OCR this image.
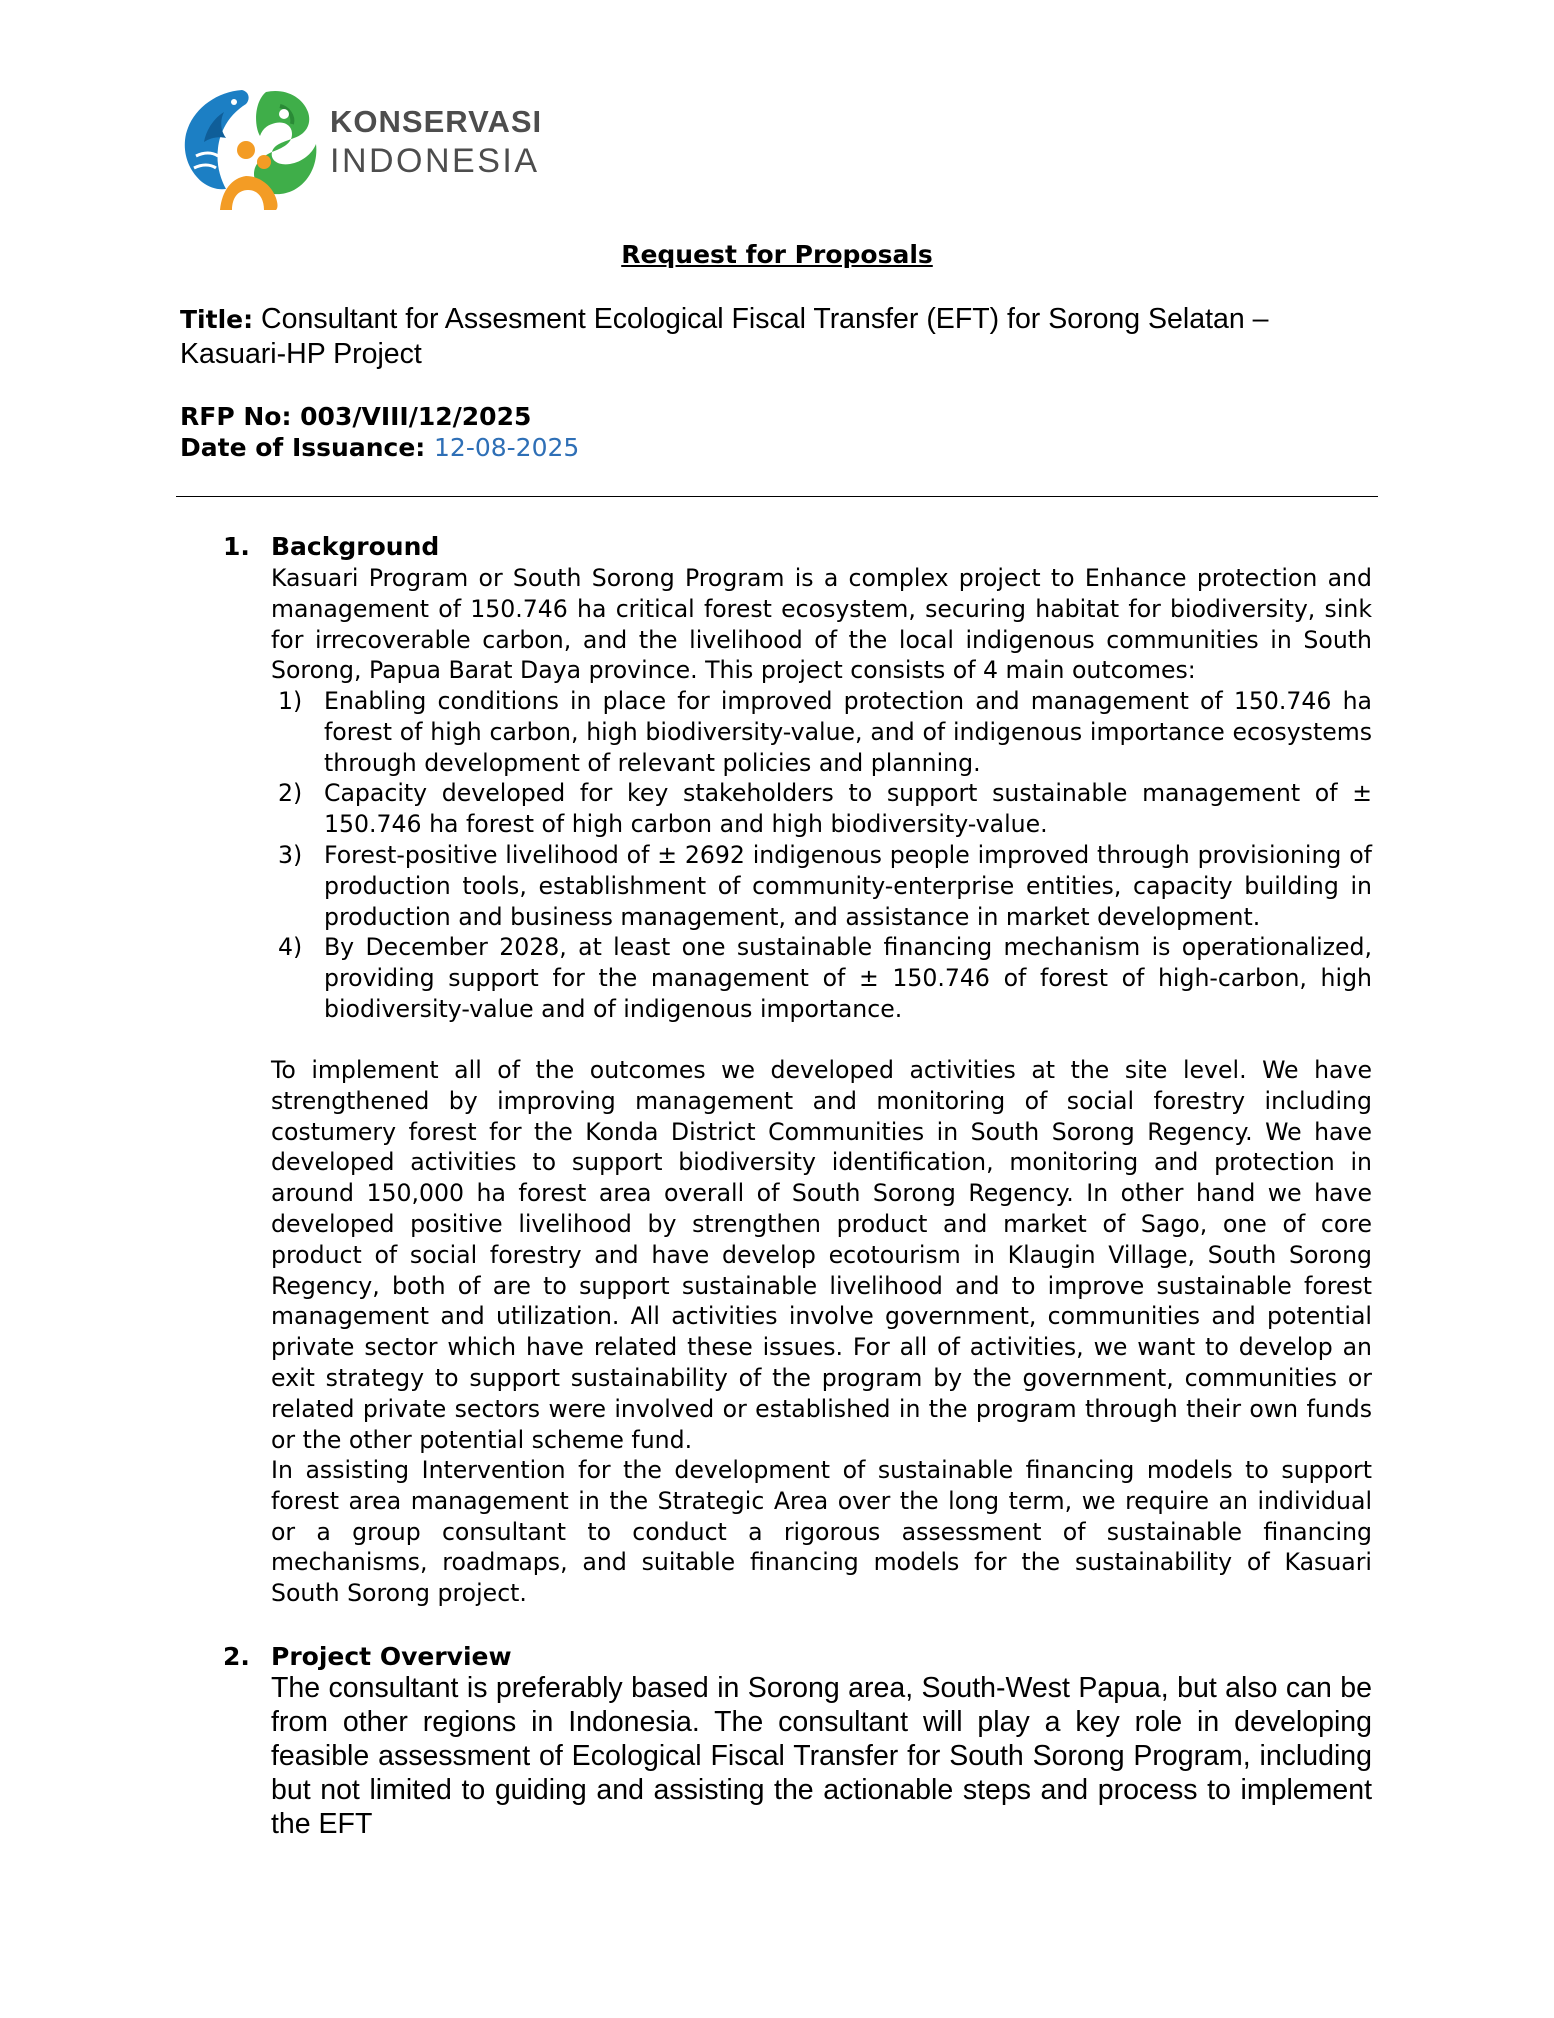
KONSERVASI
INDONESIA
Request for Proposals
Title: Consultant for Assesment Ecological Fiscal Transfer (EFT) for Sorong Selatan – Kasuari-HP Project
RFP No: 003/VIII/12/2025
Date of Issuance: 12-08-2025
1. Background
Kasuari Program or South Sorong Program is a complex project to Enhance protection and management of 150.746 ha critical forest ecosystem, securing habitat for biodiversity, sink for irrecoverable carbon, and the livelihood of the local indigenous communities in South Sorong, Papua Barat Daya province. This project consists of 4 main outcomes:
1) Enabling conditions in place for improved protection and management of 150.746 ha forest of high carbon, high biodiversity-value, and of indigenous importance ecosystems through development of relevant policies and planning.
2) Capacity developed for key stakeholders to support sustainable management of ± 150.746 ha forest of high carbon and high biodiversity-value.
3) Forest-positive livelihood of ± 2692 indigenous people improved through provisioning of production tools, establishment of community-enterprise entities, capacity building in production and business management, and assistance in market development.
4) By December 2028, at least one sustainable financing mechanism is operationalized, providing support for the management of ± 150.746 of forest of high-carbon, high biodiversity-value and of indigenous importance.
To implement all of the outcomes we developed activities at the site level. We have strengthened by improving management and monitoring of social forestry including costumery forest for the Konda District Communities in South Sorong Regency. We have developed activities to support biodiversity identification, monitoring and protection in around 150,000 ha forest area overall of South Sorong Regency. In other hand we have developed positive livelihood by strengthen product and market of Sago, one of core product of social forestry and have develop ecotourism in Klaugin Village, South Sorong Regency, both of are to support sustainable livelihood and to improve sustainable forest management and utilization. All activities involve government, communities and potential private sector which have related these issues. For all of activities, we want to develop an exit strategy to support sustainability of the program by the government, communities or related private sectors were involved or established in the program through their own funds or the other potential scheme fund.
In assisting Intervention for the development of sustainable financing models to support forest area management in the Strategic Area over the long term, we require an individual or a group consultant to conduct a rigorous assessment of sustainable financing mechanisms, roadmaps, and suitable financing models for the sustainability of Kasuari South Sorong project.
2. Project Overview
The consultant is preferably based in Sorong area, South-West Papua, but also can be from other regions in Indonesia. The consultant will play a key role in developing feasible assessment of Ecological Fiscal Transfer for South Sorong Program, including but not limited to guiding and assisting the actionable steps and process to implement the EFT
